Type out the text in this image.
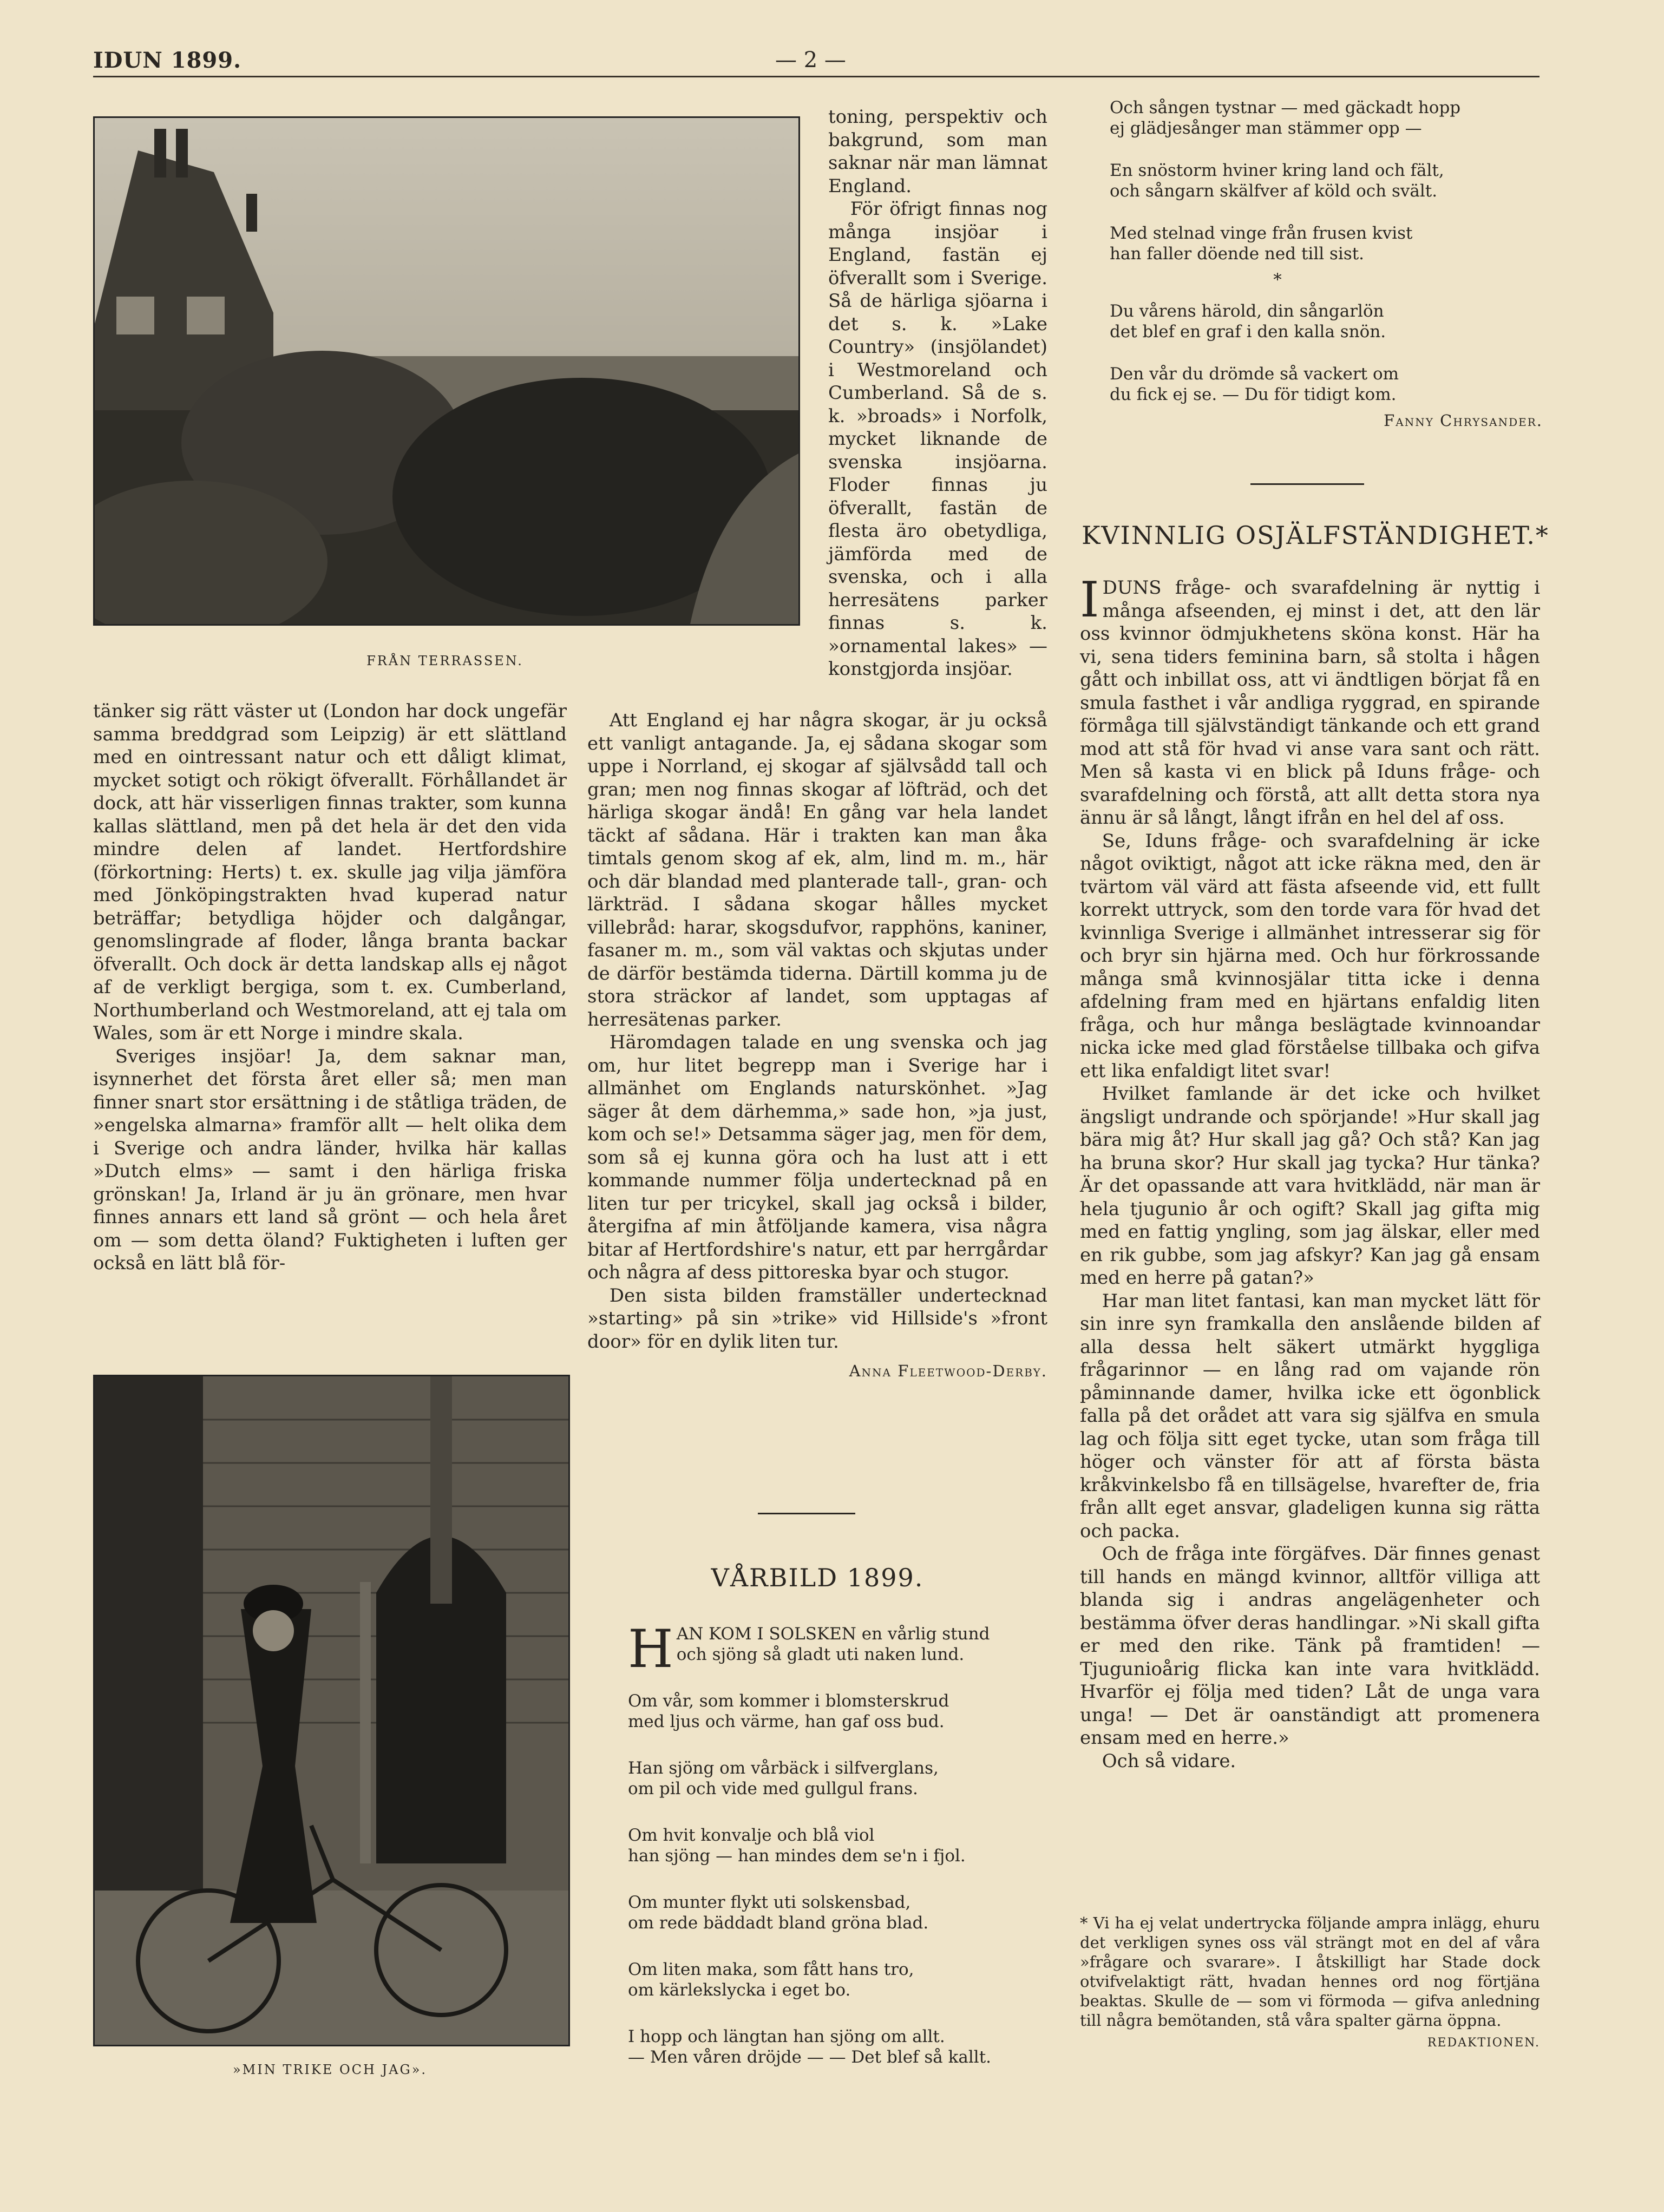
IDUN 1899.	— 2 —
FRÅN TERRASSEN.

toning, perspektiv och bakgrund, som man saknar när man lämnat England.

För öfrigt finnas nog många insjöar i England, fastän ej öfverallt som i Sverige. Så de härliga sjöarna i det s. k. »Lake Country» (insjölandet) i Westmoreland och Cumberland. Så de s. k. »broads» i Norfolk, mycket liknande de svenska insjöarna. Floder finnas ju öfverallt, fastän de flesta äro obetydliga, jämförda med de svenska, och i alla herresätens parker finnas s. k. »ornamental lakes» — konstgjorda insjöar.

tänker sig rätt väster ut (London har dock ungefär samma breddgrad som Leipzig) är ett slättland med en ointressant natur och ett dåligt klimat, mycket sotigt och rökigt öfverallt. Förhållandet är dock, att här visserligen finnas trakter, som kunna kallas slättland, men på det hela är det den vida mindre delen af landet. Hertfordshire (förkortning: Herts) t. ex. skulle jag vilja jämföra med Jönköpingstrakten hvad kuperad natur beträffar; betydliga höjder och dalgångar, genomslingrade af floder, långa branta backar öfverallt. Och dock är detta landskap alls ej något af de verkligt bergiga, som t. ex. Cumberland, Northumberland och Westmoreland, att ej tala om Wales, som är ett Norge i mindre skala.

Sveriges insjöar! Ja, dem saknar man, isynnerhet det första året eller så; men man finner snart stor ersättning i de ståtliga träden, de »engelska almarna» framför allt — helt olika dem i Sverige och andra länder, hvilka här kallas »Dutch elms» — samt i den härliga friska grönskan! Ja, Irland är ju än grönare, men hvar finnes annars ett land så grönt — och hela året om — som detta öland? Fuktigheten i luften ger också en lätt blå för-

Att England ej har några skogar, är ju också ett vanligt antagande. Ja, ej sådana skogar som uppe i Norrland, ej skogar af självsådd tall och gran; men nog finnas skogar af löfträd, och det härliga skogar ändå! En gång var hela landet täckt af sådana. Här i trakten kan man åka timtals genom skog af ek, alm, lind m. m., här och där blandad med planterade tall-, gran- och lärkträd. I sådana skogar hålles mycket villebråd: harar, skogsdufvor, rapphöns, kaniner, fasaner m. m., som väl vaktas och skjutas under de därför bestämda tiderna. Därtill komma ju de stora sträckor af landet, som upptagas af herresätenas parker.

Häromdagen talade en ung svenska och jag om, hur litet begrepp man i Sverige har i allmänhet om Englands naturskönhet. »Jag säger åt dem därhemma,» sade hon, »ja just, kom och se!» Detsamma säger jag, men för dem, som så ej kunna göra och ha lust att i ett kommande nummer följa undertecknad på en liten tur per tricykel, skall jag också i bilder, återgifna af min åtföljande kamera, visa några bitar af Hertfordshire's natur, ett par herrgårdar och några af dess pittoreska byar och stugor.

Den sista bilden framställer undertecknad »starting» på sin »trike» vid Hillside's »front door» för en dylik liten tur.

Anna Fleetwood-Derby.
»MIN TRIKE OCH JAG».
VÅRBILD 1899.
H AN KOM I SOLSKEN en vårlig stund
och sjöng så gladt uti naken lund.
Om vår, som kommer i blomsterskrud
med ljus och värme, han gaf oss bud.
Han sjöng om vårbäck i silfverglans,
om pil och vide med gullgul frans.
Om hvit konvalje och blå viol
han sjöng — han mindes dem se'n i fjol.
Om munter flykt uti solskensbad,
om rede bäddadt bland gröna blad.
Om liten maka, som fått hans tro,
om kärlekslycka i eget bo.
I hopp och längtan han sjöng om allt.
— Men våren dröjde — — Det blef så kallt.
Och sången tystnar — med gäckadt hopp
ej glädjesånger man stämmer opp —
En snöstorm hviner kring land och fält,
och sångarn skälfver af köld och svält.
Med stelnad vinge från frusen kvist
han faller döende ned till sist.
*
Du vårens härold, din sångarlön
det blef en graf i den kalla snön.
Den vår du drömde så vackert om
du fick ej se. — Du för tidigt kom.
Fanny Chrysander.
KVINNLIG OSJÄLFSTÄNDIGHET.*

I DUNS fråge- och svarafdelning är nyttig i många afseenden, ej minst i det, att den lär oss kvinnor ödmjukhetens sköna konst. Här ha vi, sena tiders feminina barn, så stolta i hågen gått och inbillat oss, att vi ändtligen börjat få en smula fasthet i vår andliga ryggrad, en spirande förmåga till självständigt tänkande och ett grand mod att stå för hvad vi anse vara sant och rätt. Men så kasta vi en blick på Iduns fråge- och svarafdelning och förstå, att allt detta stora nya ännu är så långt, långt ifrån en hel del af oss.

Se, Iduns fråge- och svarafdelning är icke något oviktigt, något att icke räkna med, den är tvärtom väl värd att fästa afseende vid, ett fullt korrekt uttryck, som den torde vara för hvad det kvinnliga Sverige i allmänhet intresserar sig för och bryr sin hjärna med. Och hur förkrossande många små kvinnosjälar titta icke i denna afdelning fram med en hjärtans enfaldig liten fråga, och hur många beslägtade kvinnoandar nicka icke med glad förståelse tillbaka och gifva ett lika enfaldigt litet svar!

Hvilket famlande är det icke och hvilket ängsligt undrande och spörjande! »Hur skall jag bära mig åt? Hur skall jag gå? Och stå? Kan jag ha bruna skor? Hur skall jag tycka? Hur tänka? Är det opassande att vara hvitklädd, när man är hela tjugunio år och ogift? Skall jag gifta mig med en fattig yngling, som jag älskar, eller med en rik gubbe, som jag afskyr? Kan jag gå ensam med en herre på gatan?»

Har man litet fantasi, kan man mycket lätt för sin inre syn framkalla den anslående bilden af alla dessa helt säkert utmärkt hyggliga frågarinnor — en lång rad om vajande rön påminnande damer, hvilka icke ett ögonblick falla på det orådet att vara sig själfva en smula lag och följa sitt eget tycke, utan som fråga till höger och vänster för att af första bästa kråkvinkelsbo få en tillsägelse, hvarefter de, fria från allt eget ansvar, gladeligen kunna sig rätta och packa.

Och de fråga inte förgäfves. Där finnes genast till hands en mängd kvinnor, alltför villiga att blanda sig i andras angelägenheter och bestämma öfver deras handlingar. »Ni skall gifta er med den rike. Tänk på framtiden! — Tjugunioårig flicka kan inte vara hvitklädd. Hvarför ej följa med tiden? Låt de unga vara unga! — Det är oanständigt att promenera ensam med en herre.»

Och så vidare.

* Vi ha ej velat undertrycka följande ampra inlägg, ehuru det verkligen synes oss väl strängt mot en del af våra »frågare och svarare». I åtskilligt har Stade dock otvifvelaktigt rätt, hvadan hennes ord nog förtjäna beaktas. Skulle de — som vi förmoda — gifva anledning till några bemötanden, stå våra spalter gärna öppna.
REDAKTIONEN.
